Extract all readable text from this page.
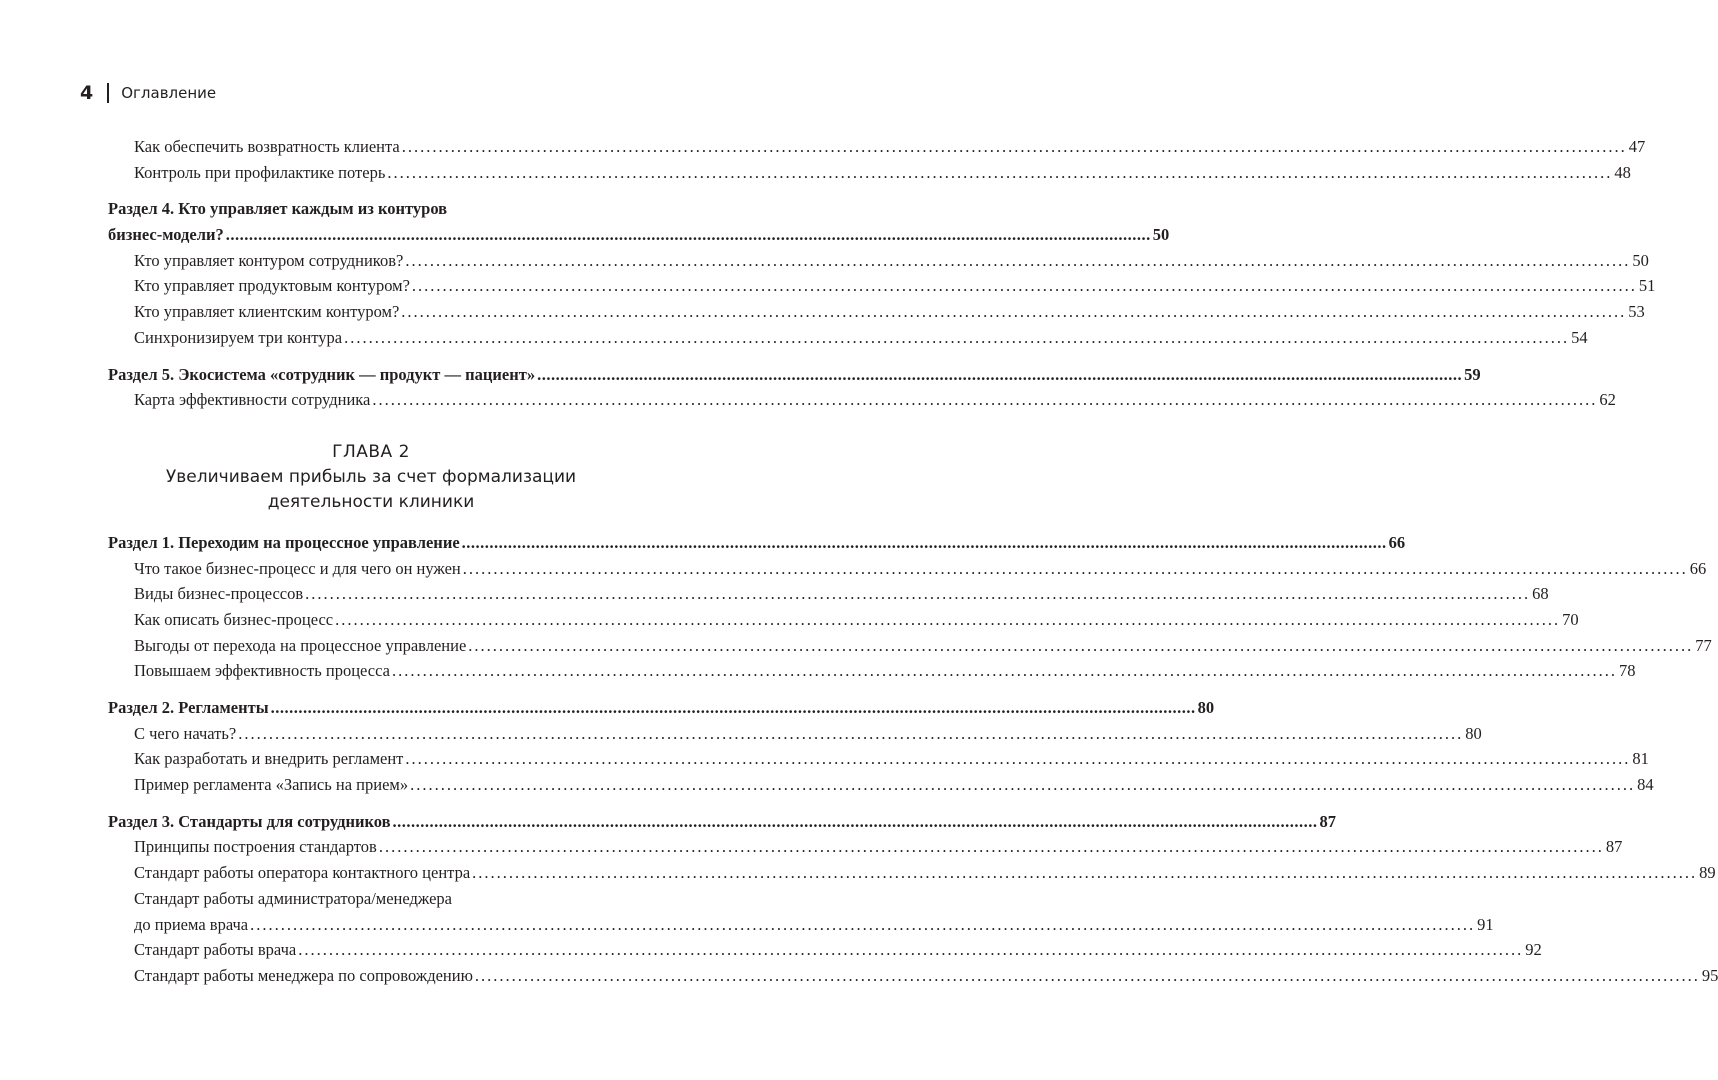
4 Оглавление
Как обеспечить возвратность клиента ........................................................................................................................................................................................................ 47
Контроль при профилактике потерь ........................................................................................................................................................................................................ 48
Раздел 4. Кто управляет каждым из контуров
бизнес-модели? ........................................................................................................................................................................................................ 50
Кто управляет контуром сотрудников? ........................................................................................................................................................................................................ 50
Кто управляет продуктовым контуром? ........................................................................................................................................................................................................ 51
Кто управляет клиентским контуром? ........................................................................................................................................................................................................ 53
Синхронизируем три контура ........................................................................................................................................................................................................ 54
Раздел 5. Экосистема «сотрудник — продукт — пациент» ........................................................................................................................................................................................................ 59
Карта эффективности сотрудника ........................................................................................................................................................................................................ 62
ГЛАВА 2
Увеличиваем прибыль за счет формализации
деятельности клиники
Раздел 1. Переходим на процессное управление ........................................................................................................................................................................................................ 66
Что такое бизнес-процесс и для чего он нужен ........................................................................................................................................................................................................ 66
Виды бизнес-процессов ........................................................................................................................................................................................................ 68
Как описать бизнес-процесс ........................................................................................................................................................................................................ 70
Выгоды от перехода на процессное управление ........................................................................................................................................................................................................ 77
Повышаем эффективность процесса ........................................................................................................................................................................................................ 78
Раздел 2. Регламенты ........................................................................................................................................................................................................ 80
С чего начать? ........................................................................................................................................................................................................ 80
Как разработать и внедрить регламент ........................................................................................................................................................................................................ 81
Пример регламента «Запись на прием» ........................................................................................................................................................................................................ 84
Раздел 3. Стандарты для сотрудников ........................................................................................................................................................................................................ 87
Принципы построения стандартов ........................................................................................................................................................................................................ 87
Стандарт работы оператора контактного центра ........................................................................................................................................................................................................ 89
Стандарт работы администратора/менеджера
до приема врача ........................................................................................................................................................................................................ 91
Стандарт работы врача ........................................................................................................................................................................................................ 92
Стандарт работы менеджера по сопровождению ........................................................................................................................................................................................................ 95
